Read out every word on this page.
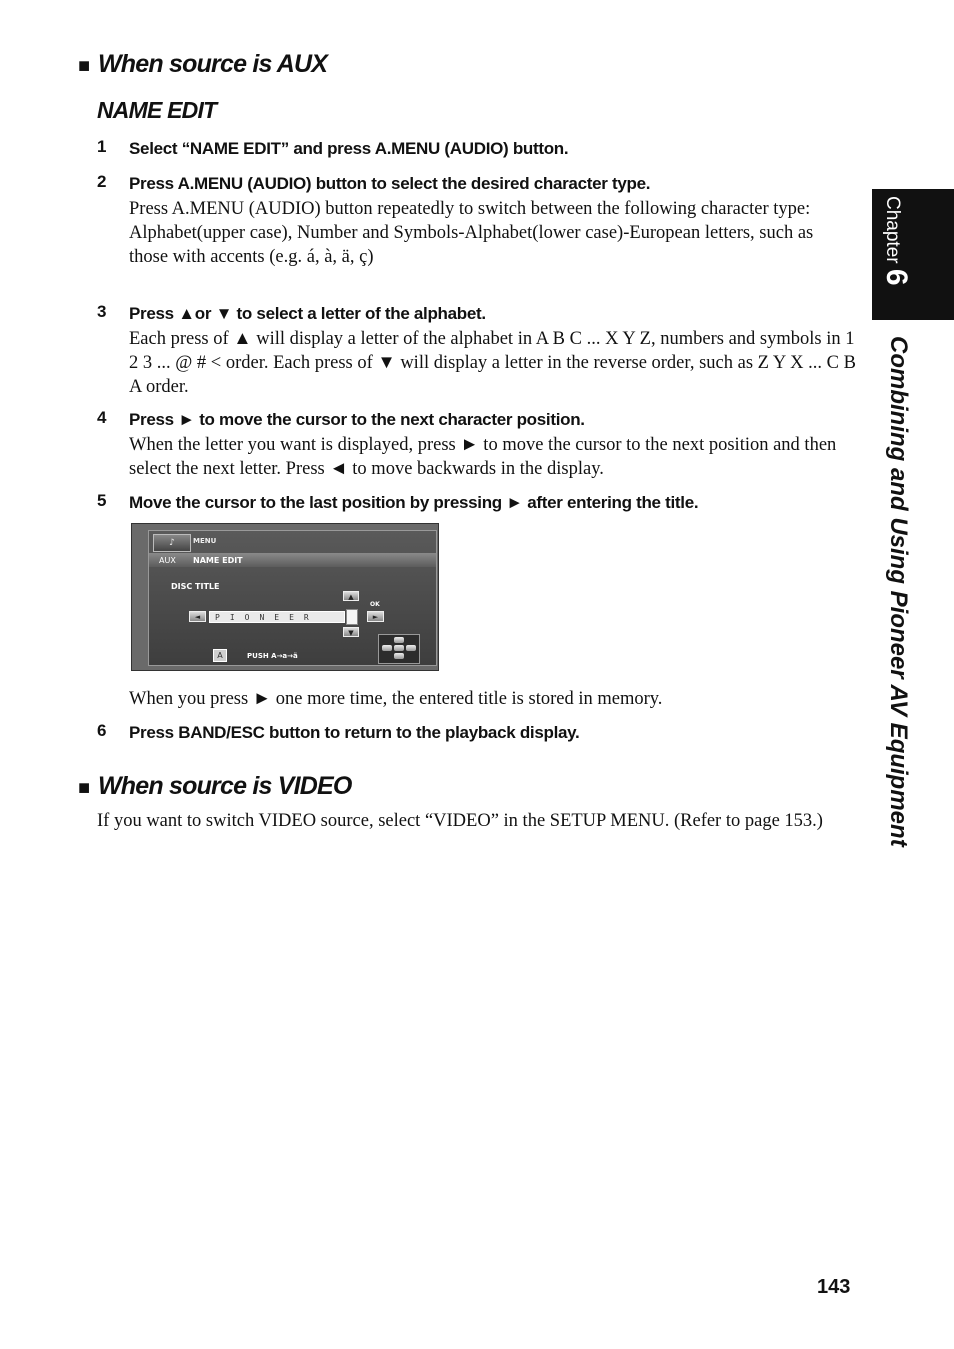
■ When source is AUX
NAME EDIT
1 Select “NAME EDIT” and press A.MENU (AUDIO) button.
2 Press A.MENU (AUDIO) button to select the desired character type.
Press A.MENU (AUDIO) button repeatedly to switch between the following character type:
Alphabet(upper case), Number and Symbols-Alphabet(lower case)-European letters, such as those with accents (e.g. á, à, ä, ç)
3 Press ▲or ▼ to select a letter of the alphabet.
Each press of ▲ will display a letter of the alphabet in A B C ... X Y Z, numbers and symbols in 1 2 3 ... @ # < order. Each press of ▼ will display a letter in the reverse order, such as Z Y X ... C B A order.
4 Press ► to move the cursor to the next character position.
When the letter you want is displayed, press ► to move the cursor to the next position and then select the next letter. Press ◄ to move backwards in the display.
5 Move the cursor to the last position by pressing ► after entering the title.
♪	MENU
AUX NAME EDIT
DISC TITLE
OK
▲
◄	PIONEER	►
▼
A	PUSH A→a→ä
When you press ► one more time, the entered title is stored in memory.
6 Press BAND/ESC button to return to the playback display.
■ When source is VIDEO
If you want to switch VIDEO source, select “VIDEO” in the SETUP MENU. (Refer to page 153.)
Chapter 6
Combining and Using Pioneer AV Equipment
143
